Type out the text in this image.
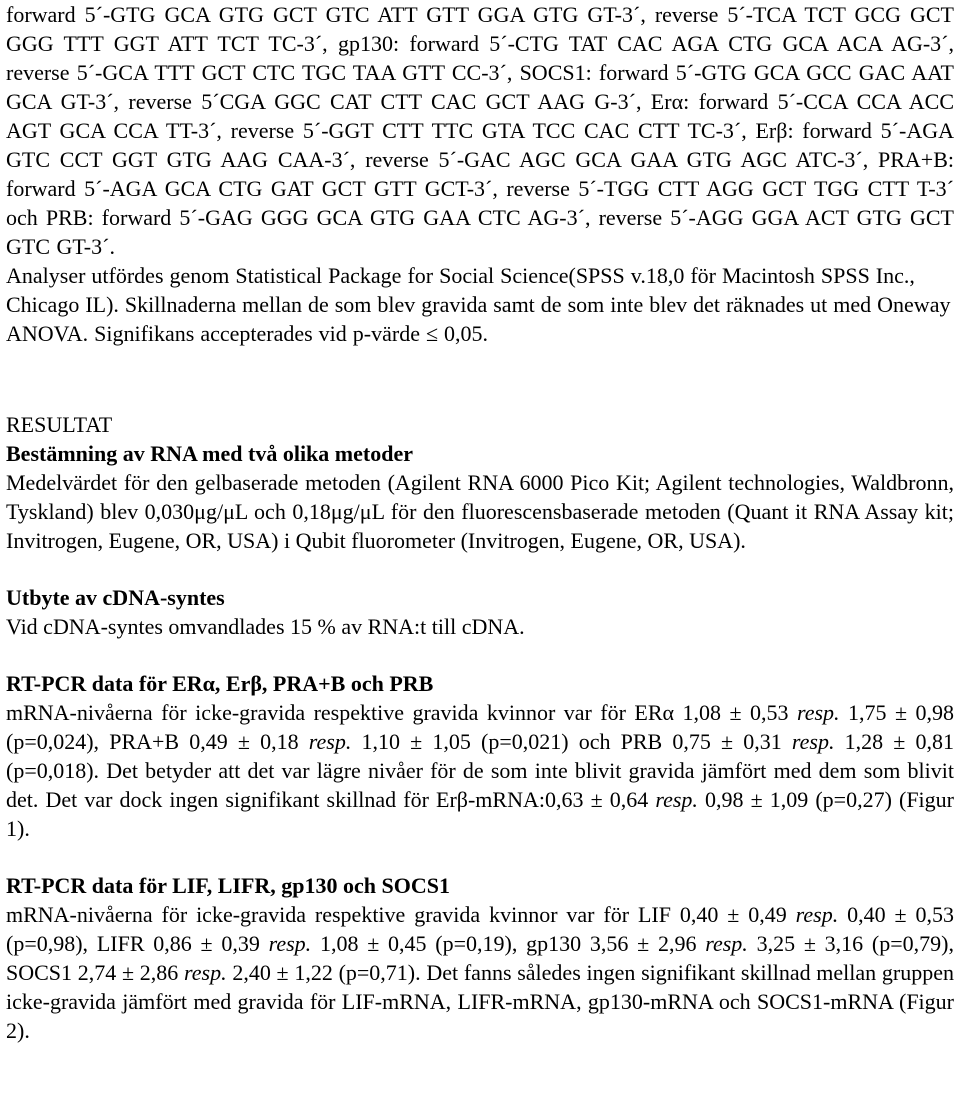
forward 5´-GTG GCA GTG GCT GTC ATT GTT GGA GTG GT-3´, reverse 5´-TCA TCT GCG GCT GGG TTT GGT ATT TCT TC-3´, gp130: forward 5´-CTG TAT CAC AGA CTG GCA ACA AG-3´, reverse 5´-GCA TTT GCT CTC TGC TAA GTT CC-3´, SOCS1: forward 5´-GTG GCA GCC GAC AAT GCA GT-3´, reverse 5´CGA GGC CAT CTT CAC GCT AAG G-3´, Erα: forward 5´-CCA CCA ACC AGT GCA CCA TT-3´, reverse 5´-GGT CTT TTC GTA TCC CAC CTT TC-3´, Erβ: forward 5´-AGA GTC CCT GGT GTG AAG CAA-3´, reverse 5´-GAC AGC GCA GAA GTG AGC ATC-3´, PRA+B: forward 5´-AGA GCA CTG GAT GCT GTT GCT-3´, reverse 5´-TGG CTT AGG GCT TGG CTT T-3´ och PRB: forward 5´-GAG GGG GCA GTG GAA CTC AG-3´, reverse 5´-AGG GGA ACT GTG GCT GTC GT-3´.

Analyser utfördes genom Statistical Package for Social Science(SPSS v.18,0 för Macintosh SPSS Inc., Chicago IL). Skillnaderna mellan de som blev gravida samt de som inte blev det räknades ut med Oneway ANOVA. Signifikans accepterades vid p-värde ≤ 0,05.

RESULTAT

Bestämning av RNA med två olika metoder

Medelvärdet för den gelbaserade metoden (Agilent RNA 6000 Pico Kit; Agilent technologies, Waldbronn, Tyskland) blev 0,030μg/μL och 0,18μg/μL för den fluorescensbaserade metoden (Quant it RNA Assay kit; Invitrogen, Eugene, OR, USA) i Qubit fluorometer (Invitrogen, Eugene, OR, USA).

Utbyte av cDNA-syntes

Vid cDNA-syntes omvandlades 15 % av RNA:t till cDNA.

RT-PCR data för ERα, Erβ, PRA+B och PRB

mRNA-nivåerna för icke-gravida respektive gravida kvinnor var för ERα 1,08 ± 0,53 resp. 1,75 ± 0,98 (p=0,024), PRA+B 0,49 ± 0,18 resp. 1,10 ± 1,05 (p=0,021) och PRB 0,75 ± 0,31 resp. 1,28 ± 0,81 (p=0,018). Det betyder att det var lägre nivåer för de som inte blivit gravida jämfört med dem som blivit det. Det var dock ingen signifikant skillnad för Erβ-mRNA:0,63 ± 0,64 resp. 0,98 ± 1,09 (p=0,27) (Figur 1).

RT-PCR data för LIF, LIFR, gp130 och SOCS1

mRNA-nivåerna för icke-gravida respektive gravida kvinnor var för LIF 0,40 ± 0,49 resp. 0,40 ± 0,53 (p=0,98), LIFR 0,86 ± 0,39 resp. 1,08 ± 0,45 (p=0,19), gp130 3,56 ± 2,96 resp. 3,25 ± 3,16 (p=0,79), SOCS1 2,74 ± 2,86 resp. 2,40 ± 1,22 (p=0,71). Det fanns således ingen signifikant skillnad mellan gruppen icke-gravida jämfört med gravida för LIF-mRNA, LIFR-mRNA, gp130-mRNA och SOCS1-mRNA (Figur 2).
